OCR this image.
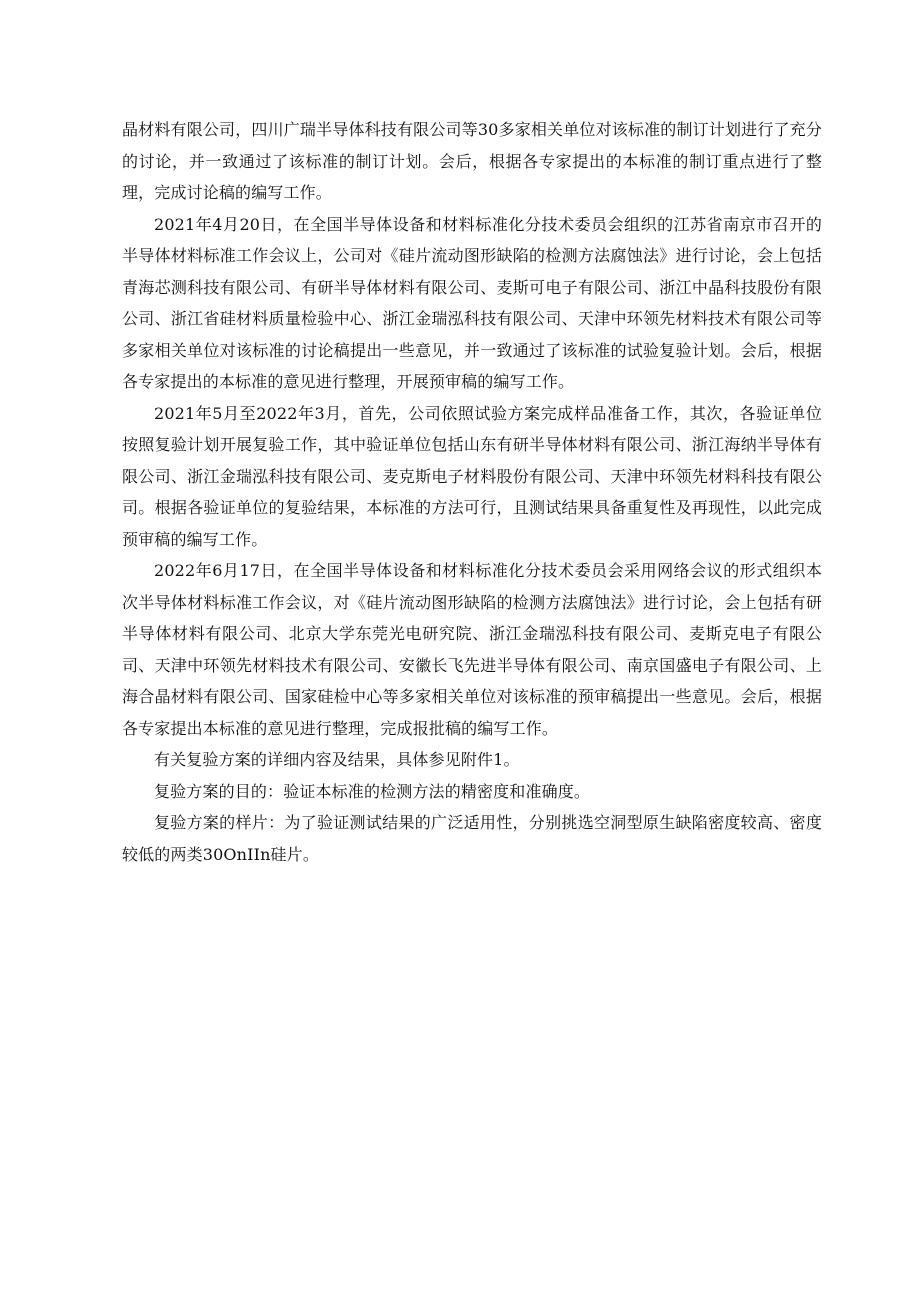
晶材料有限公司，四川广瑞半导体科技有限公司等30多家相关单位对该标准的制订计划进行了充分的讨论，并一致通过了该标准的制订计划。会后，根据各专家提出的本标准的制订重点进行了整理，完成讨论稿的编写工作。

2021年4月20日，在全国半导体设备和材料标准化分技术委员会组织的江苏省南京市召开的半导体材料标准工作会议上，公司对《硅片流动图形缺陷的检测方法腐蚀法》进行讨论，会上包括青海芯测科技有限公司、有研半导体材料有限公司、麦斯可电子有限公司、浙江中晶科技股份有限公司、浙江省硅材料质量检验中心、浙江金瑞泓科技有限公司、天津中环领先材料技术有限公司等多家相关单位对该标准的讨论稿提出一些意见，并一致通过了该标准的试验复验计划。会后，根据各专家提出的本标准的意见进行整理，开展预审稿的编写工作。

2021年5月至2022年3月，首先，公司依照试验方案完成样品准备工作，其次，各验证单位按照复验计划开展复验工作，其中验证单位包括山东有研半导体材料有限公司、浙江海纳半导体有限公司、浙江金瑞泓科技有限公司、麦克斯电子材料股份有限公司、天津中环领先材料科技有限公司。根据各验证单位的复验结果，本标准的方法可行，且测试结果具备重复性及再现性，以此完成预审稿的编写工作。

2022年6月17日，在全国半导体设备和材料标准化分技术委员会采用网络会议的形式组织本次半导体材料标准工作会议，对《硅片流动图形缺陷的检测方法腐蚀法》进行讨论，会上包括有研半导体材料有限公司、北京大学东莞光电研究院、浙江金瑞泓科技有限公司、麦斯克电子有限公司、天津中环领先材料技术有限公司、安徽长飞先进半导体有限公司、南京国盛电子有限公司、上海合晶材料有限公司、国家硅检中心等多家相关单位对该标准的预审稿提出一些意见。会后，根据各专家提出本标准的意见进行整理，完成报批稿的编写工作。

有关复验方案的详细内容及结果，具体参见附件1。

复验方案的目的：验证本标准的检测方法的精密度和准确度。

复验方案的样片：为了验证测试结果的广泛适用性，分别挑选空洞型原生缺陷密度较高、密度较低的两类30OnIIn硅片。
